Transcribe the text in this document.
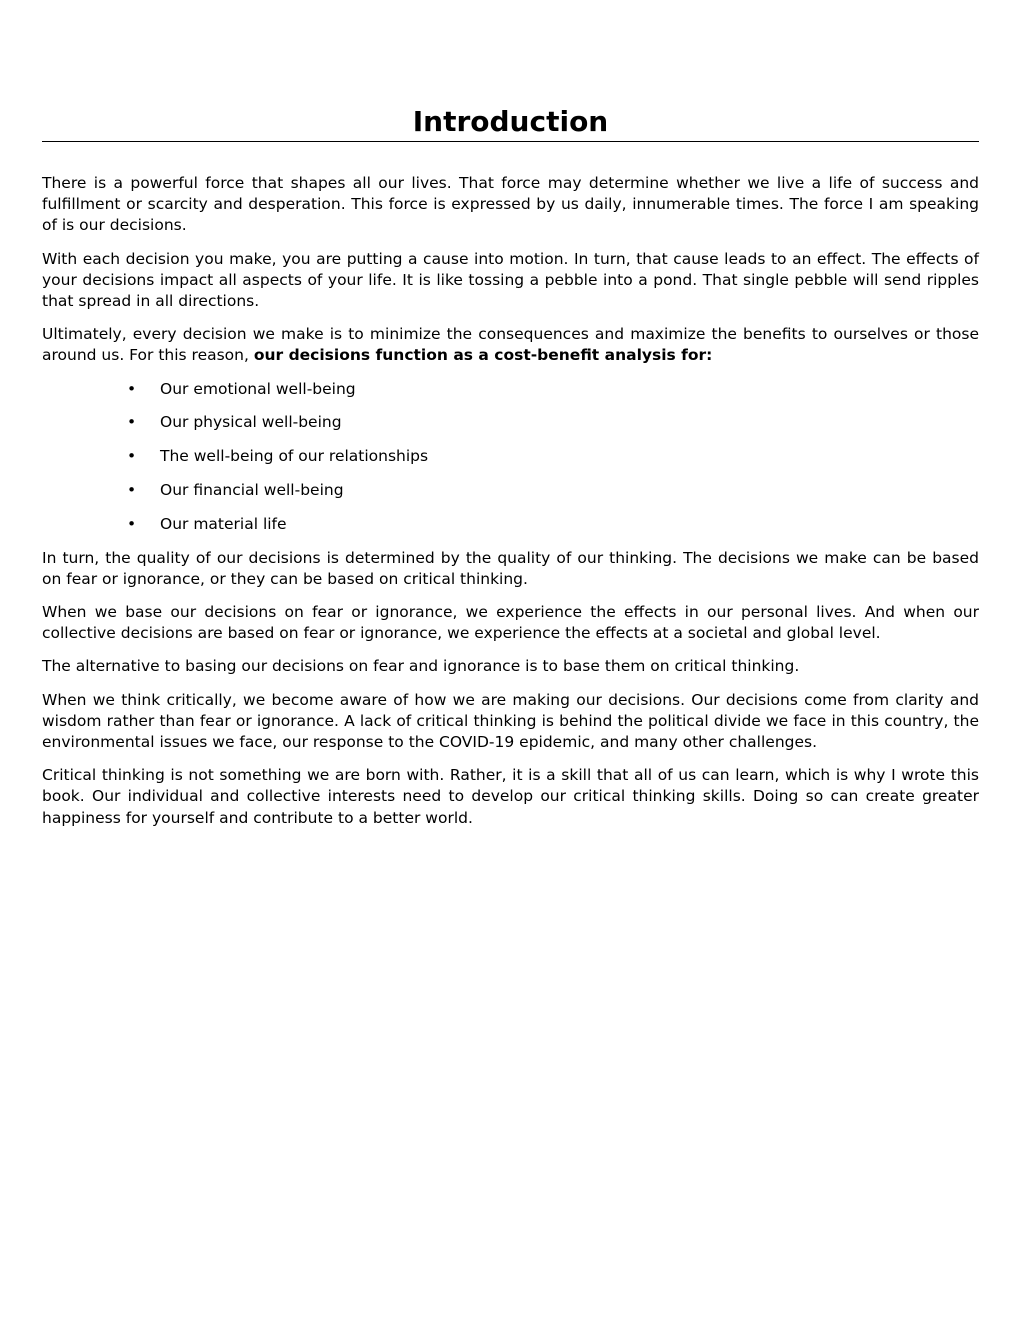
Introduction

There is a powerful force that shapes all our lives. That force may determine whether we live a life of success and fulfillment or scarcity and desperation. This force is expressed by us daily, innumerable times. The force I am speaking of is our decisions.

With each decision you make, you are putting a cause into motion. In turn, that cause leads to an effect. The effects of your decisions impact all aspects of your life. It is like tossing a pebble into a pond. That single pebble will send ripples that spread in all directions.

Ultimately, every decision we make is to minimize the consequences and maximize the benefits to ourselves or those around us. For this reason, our decisions function as a cost-benefit analysis for:

• Our emotional well-being
• Our physical well-being
• The well-being of our relationships
• Our financial well-being
• Our material life

In turn, the quality of our decisions is determined by the quality of our thinking. The decisions we make can be based on fear or ignorance, or they can be based on critical thinking.

When we base our decisions on fear or ignorance, we experience the effects in our personal lives. And when our collective decisions are based on fear or ignorance, we experience the effects at a societal and global level.

The alternative to basing our decisions on fear and ignorance is to base them on critical thinking.

When we think critically, we become aware of how we are making our decisions. Our decisions come from clarity and wisdom rather than fear or ignorance. A lack of critical thinking is behind the political divide we face in this country, the environmental issues we face, our response to the COVID-19 epidemic, and many other challenges.

Critical thinking is not something we are born with. Rather, it is a skill that all of us can learn, which is why I wrote this book. Our individual and collective interests need to develop our critical thinking skills. Doing so can create greater happiness for yourself and contribute to a better world.
